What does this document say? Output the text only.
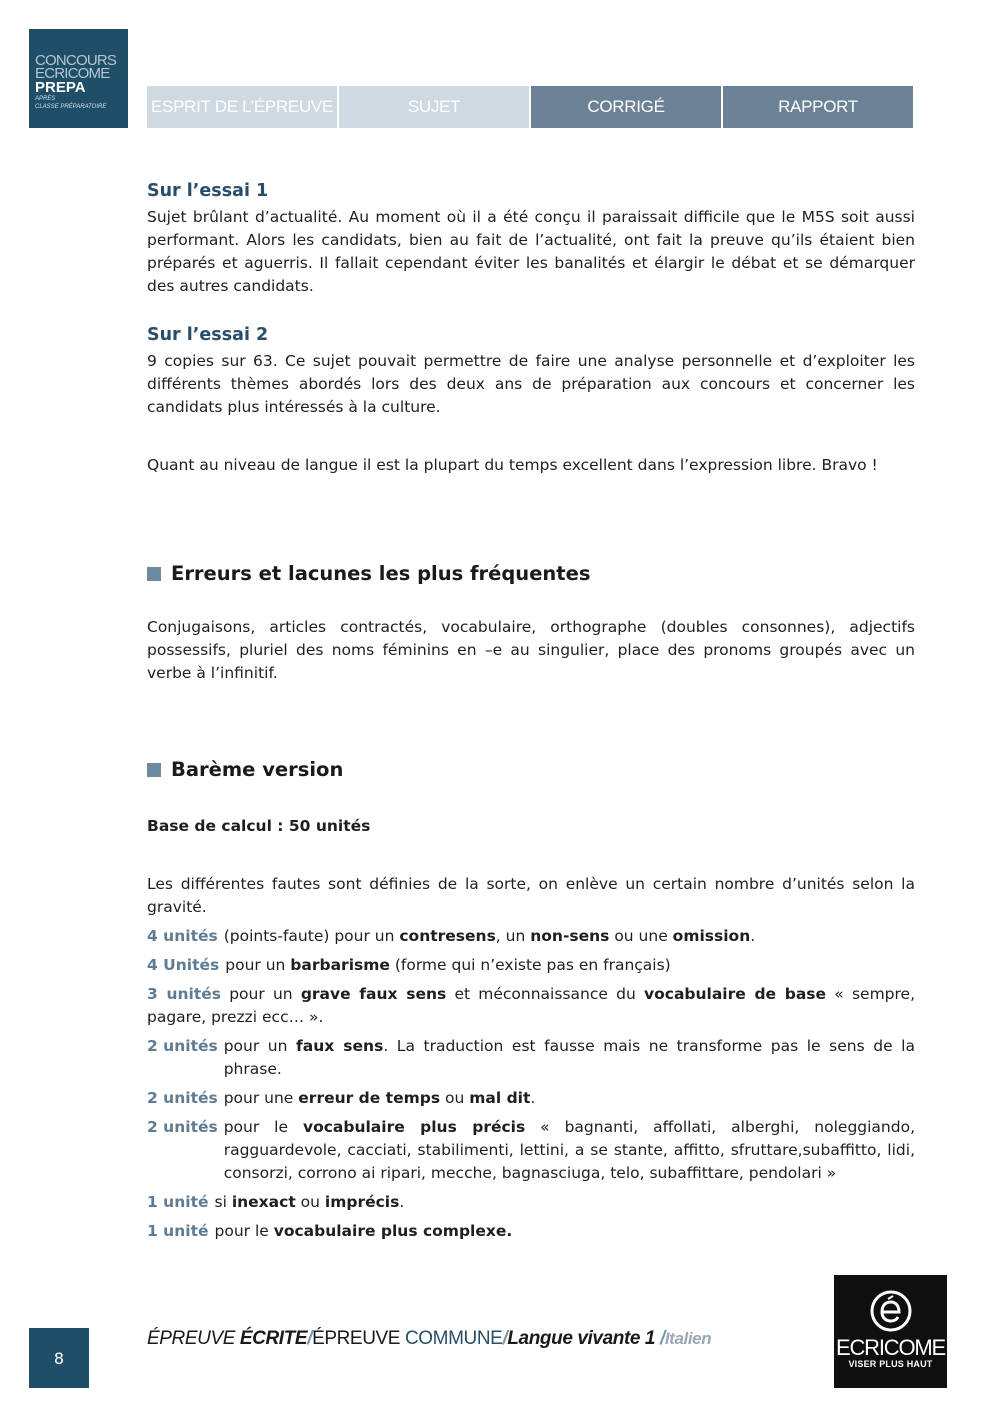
CONCOURS
ECRICOME
PREPA
APRÈS
CLASSE PRÉPARATOIRE	ESPRIT DE L’ÉPREUVE	SUJET	CORRIGÉ	RAPPORT
Sur l’essai 1

Sujet brûlant d’actualité. Au moment où il a été conçu il paraissait difficile que le M5S soit aussi performant. Alors les candidats, bien au fait de l’actualité, ont fait la preuve qu’ils étaient bien préparés et aguerris. Il fallait cependant éviter les banalités et élargir le débat et se démarquer des autres candidats.

Sur l’essai 2

9 copies sur 63. Ce sujet pouvait permettre de faire une analyse personnelle et d’exploiter les différents thèmes abordés lors des deux ans de préparation aux concours et concerner les candidats plus intéressés à la culture.

Quant au niveau de langue il est la plupart du temps excellent dans l’expression libre. Bravo !

Erreurs et lacunes les plus fréquentes

Conjugaisons, articles contractés, vocabulaire, orthographe (doubles consonnes), adjectifs possessifs, pluriel des noms féminins en –e au singulier, place des pronoms groupés avec un verbe à l’infinitif.

Barème version

Base de calcul : 50 unités

Les différentes fautes sont définies de la sorte, on enlève un certain nombre d’unités selon la gravité.

4 unités (points-faute) pour un contresens, un non-sens ou une omission.
4 Unités pour un barbarisme (forme qui n’existe pas en français)

3 unités pour un grave faux sens et méconnaissance du vocabulaire de base « sempre, pagare, prezzi ecc… ».

2 unités pour un faux sens. La traduction est fausse mais ne transforme pas le sens de la phrase.
2 unités pour une erreur de temps ou mal dit.
2 unités pour le vocabulaire plus précis « bagnanti, affollati, alberghi, noleggiando, ragguardevole, cacciati, stabilimenti, lettini, a se stante, affitto, sfruttare,subaffitto, lidi, consorzi, corrono ai ripari, mecche, bagnasciuga, telo, subaffittare, pendolari »
1 unité si inexact ou imprécis.
1 unité pour le vocabulaire plus complexe.
8
ÉPREUVE ÉCRITE/ÉPREUVE COMMUNE/Langue vivante 1 /Italien	ECRICOME
VISER PLUS HAUT
